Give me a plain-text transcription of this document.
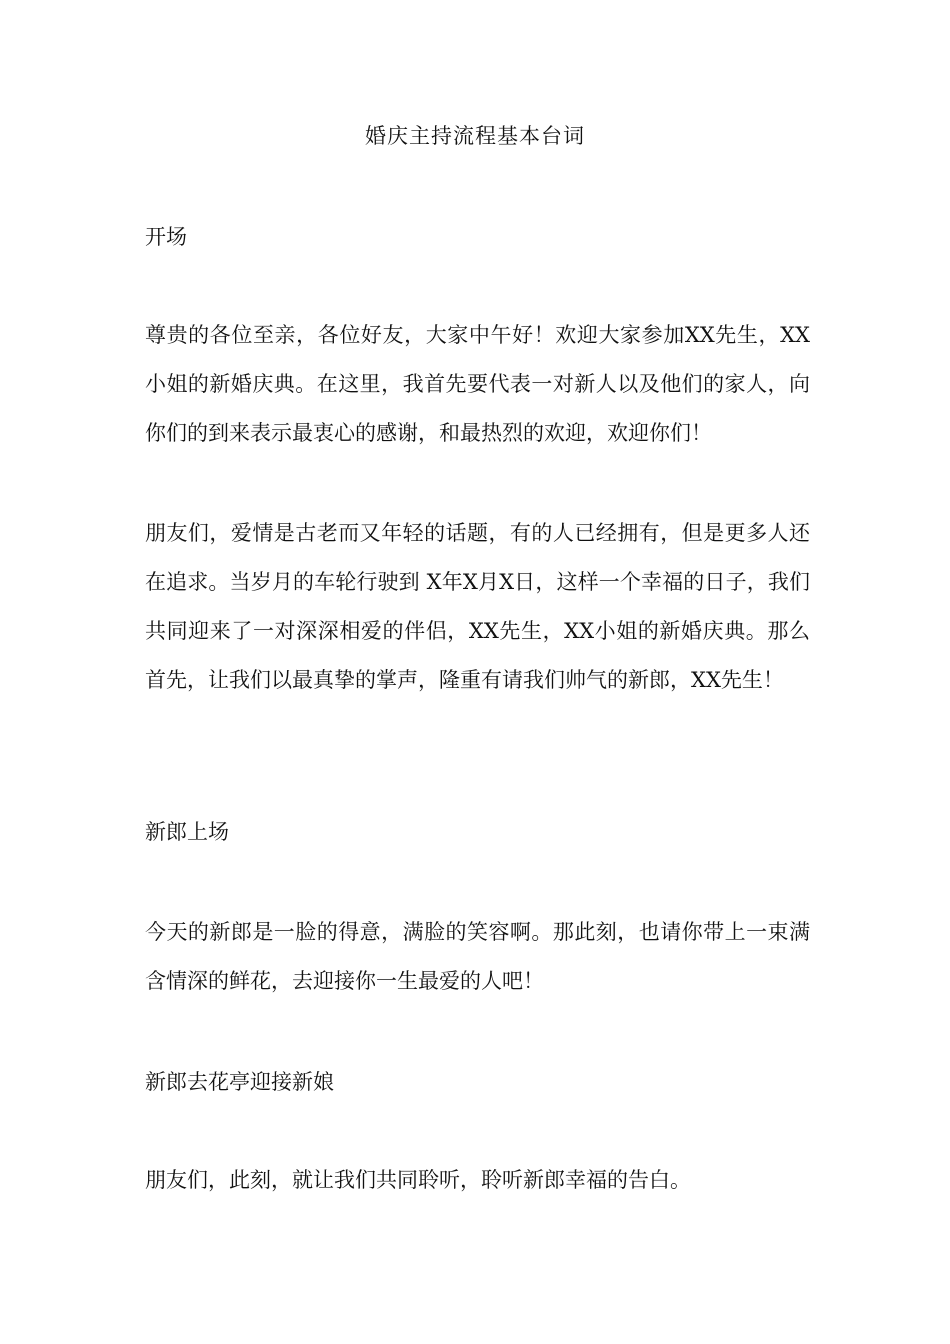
婚庆主持流程基本台词
开场

尊贵的各位至亲，各位好友，大家中午好！欢迎大家参加XX先生，XX小姐的新婚庆典。在这里，我首先要代表一对新人以及他们的家人，向你们的到来表示最衷心的感谢，和最热烈的欢迎，欢迎你们！

朋友们，爱情是古老而又年轻的话题，有的人已经拥有，但是更多人还在追求。当岁月的车轮行驶到 X年X月X日，这样一个幸福的日子，我们共同迎来了一对深深相爱的伴侣，XX先生，XX小姐的新婚庆典。那么首先，让我们以最真挚的掌声，隆重有请我们帅气的新郎，XX先生！

新郎上场

今天的新郎是一脸的得意，满脸的笑容啊。那此刻，也请你带上一束满含情深的鲜花，去迎接你一生最爱的人吧！

新郎去花亭迎接新娘

朋友们，此刻，就让我们共同聆听，聆听新郎幸福的告白。
